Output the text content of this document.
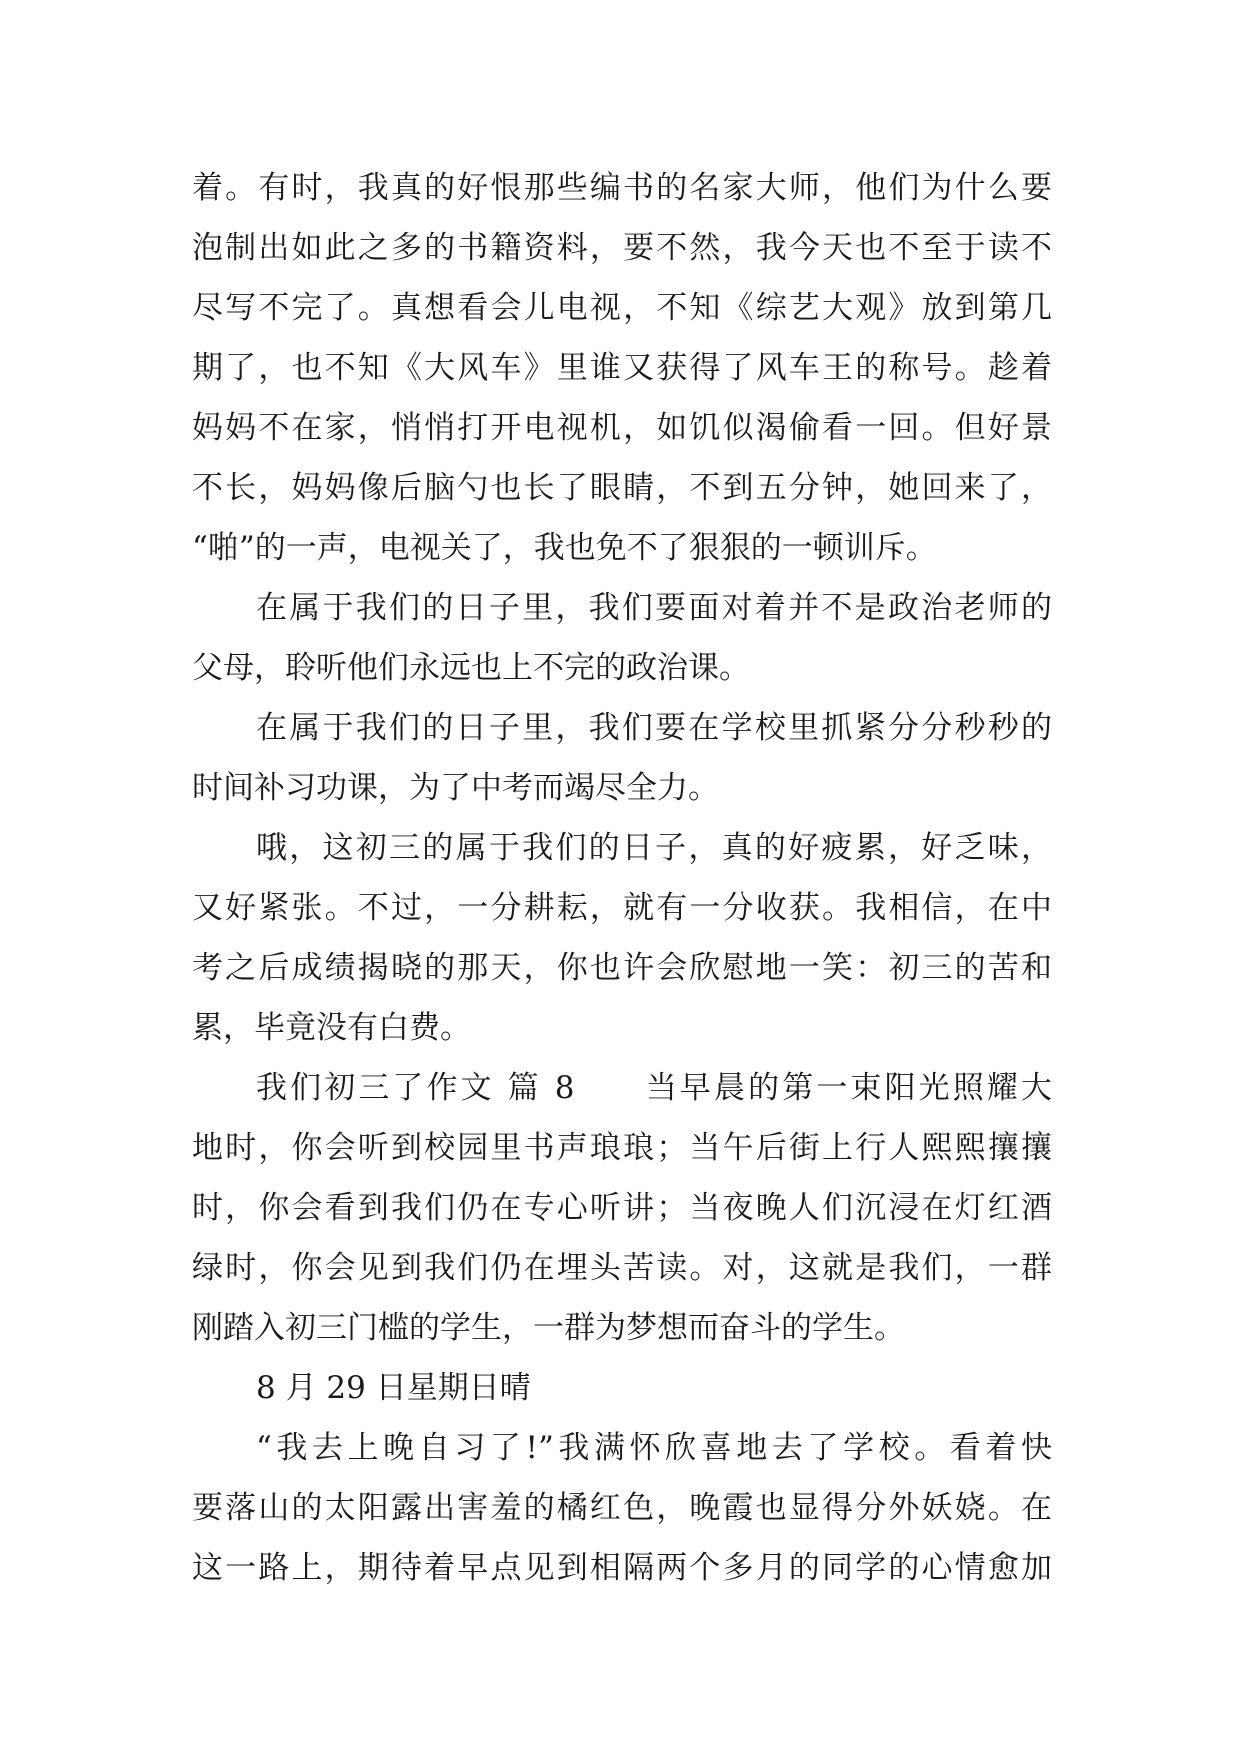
着。有时，我真的好恨那些编书的名家大师，他们为什么要
泡制出如此之多的书籍资料，要不然，我今天也不至于读不
尽写不完了。真想看会儿电视，不知《综艺大观》放到第几
期了，也不知《大风车》里谁又获得了风车王的称号。趁着
妈妈不在家，悄悄打开电视机，如饥似渴偷看一回。但好景
不长，妈妈像后脑勺也长了眼睛，不到五分钟，她回来了，
“啪”的一声，电视关了，我也免不了狠狠的一顿训斥。
在属于我们的日子里，我们要面对着并不是政治老师的
父母，聆听他们永远也上不完的政治课。
在属于我们的日子里，我们要在学校里抓紧分分秒秒的
时间补习功课，为了中考而竭尽全力。
哦，这初三的属于我们的日子，真的好疲累，好乏味，
又好紧张。不过，一分耕耘，就有一分收获。我相信，在中
考之后成绩揭晓的那天，你也许会欣慰地一笑：初三的苦和
累，毕竟没有白费。
我们初三了作文 篇 8　　当早晨的第一束阳光照耀大
地时，你会听到校园里书声琅琅；当午后街上行人熙熙攘攘
时，你会看到我们仍在专心听讲；当夜晚人们沉浸在灯红酒
绿时，你会见到我们仍在埋头苦读。对，这就是我们，一群
刚踏入初三门槛的学生，一群为梦想而奋斗的学生。
8 月 29 日星期日晴
“我去上晚自习了!”我满怀欣喜地去了学校。看着快
要落山的太阳露出害羞的橘红色，晚霞也显得分外妖娆。在
这一路上，期待着早点见到相隔两个多月的同学的心情愈加
